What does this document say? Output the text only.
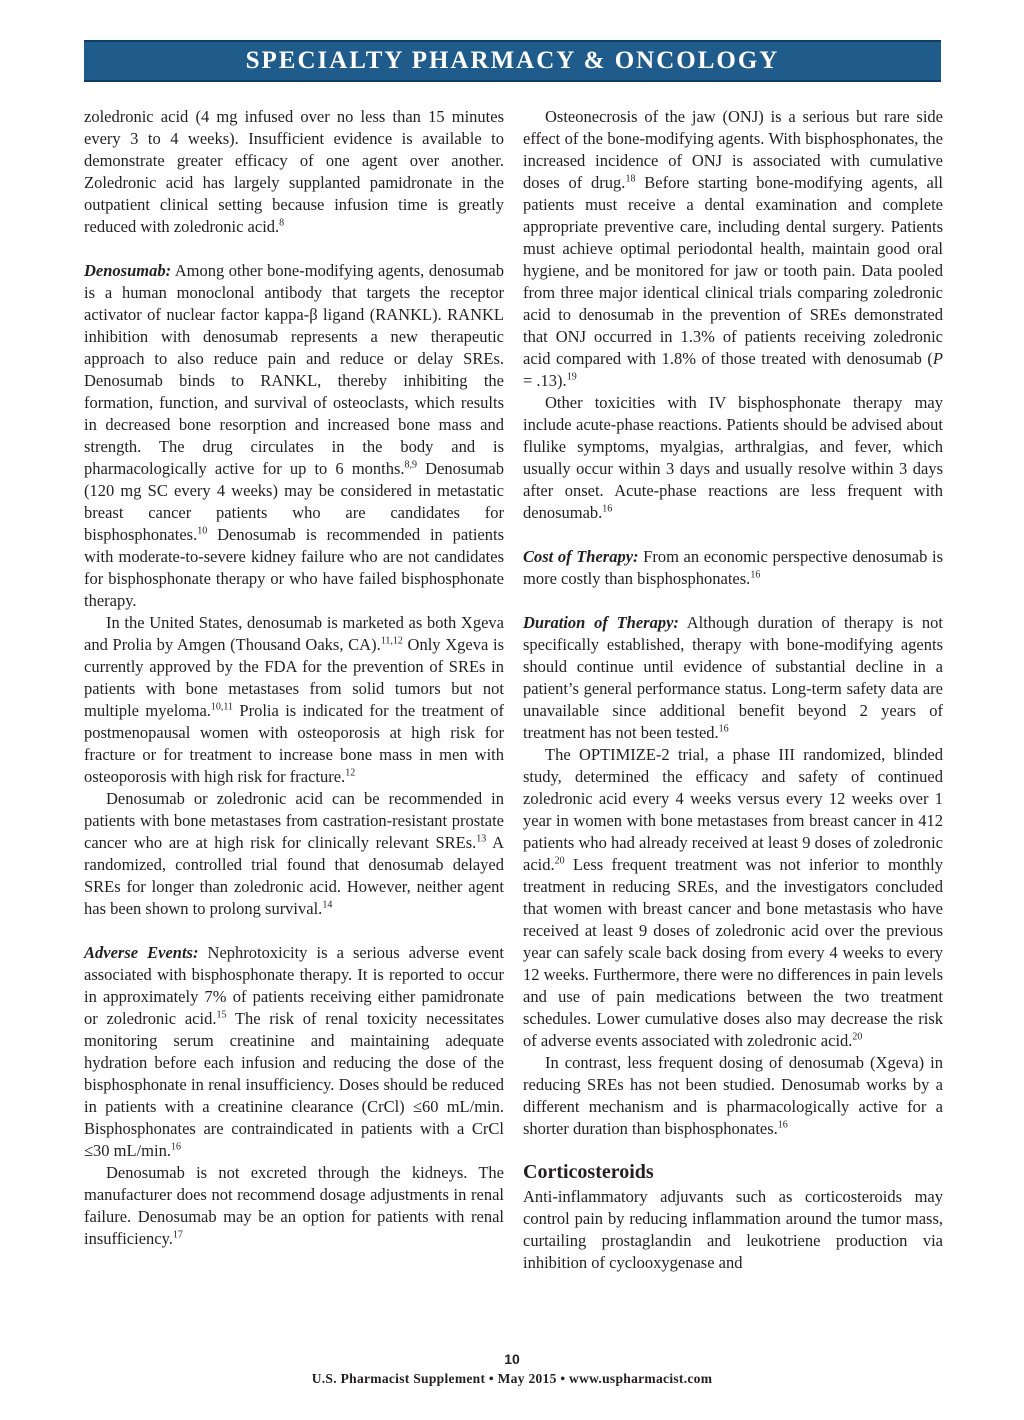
SPECIALTY PHARMACY & ONCOLOGY

zoledronic acid (4 mg infused over no less than 15 minutes every 3 to 4 weeks). Insufficient evidence is available to demonstrate greater efficacy of one agent over another. Zoledronic acid has largely supplanted pamidronate in the outpatient clinical setting because infusion time is greatly reduced with zoledronic acid.$^8$

Denosumab: Among other bone-modifying agents, denosumab is a human monoclonal antibody that targets the receptor activator of nuclear factor kappa-β ligand (RANKL). RANKL inhibition with denosumab represents a new therapeutic approach to also reduce pain and reduce or delay SREs. Denosumab binds to RANKL, thereby inhibiting the formation, function, and survival of osteoclasts, which results in decreased bone resorption and increased bone mass and strength. The drug circulates in the body and is pharmacologically active for up to 6 months.$^{8,9}$ Denosumab (120 mg SC every 4 weeks) may be considered in metastatic breast cancer patients who are candidates for bisphosphonates.$^{10}$ Denosumab is recommended in patients with moderate-to-severe kidney failure who are not candidates for bisphosphonate therapy or who have failed bisphosphonate therapy.

In the United States, denosumab is marketed as both Xgeva and Prolia by Amgen (Thousand Oaks, CA).$^{11,12}$ Only Xgeva is currently approved by the FDA for the prevention of SREs in patients with bone metastases from solid tumors but not multiple myeloma.$^{10,11}$ Prolia is indicated for the treatment of postmenopausal women with osteoporosis at high risk for fracture or for treatment to increase bone mass in men with osteoporosis with high risk for fracture.$^{12}$

Denosumab or zoledronic acid can be recommended in patients with bone metastases from castration-resistant prostate cancer who are at high risk for clinically relevant SREs.$^{13}$ A randomized, controlled trial found that denosumab delayed SREs for longer than zoledronic acid. However, neither agent has been shown to prolong survival.$^{14}$

Adverse Events: Nephrotoxicity is a serious adverse event associated with bisphosphonate therapy. It is reported to occur in approximately 7% of patients receiving either pamidronate or zoledronic acid.$^{15}$ The risk of renal toxicity necessitates monitoring serum creatinine and maintaining adequate hydration before each infusion and reducing the dose of the bisphosphonate in renal insufficiency. Doses should be reduced in patients with a creatinine clearance (CrCl) ≤60 mL/min. Bisphosphonates are contraindicated in patients with a CrCl ≤30 mL/min.$^{16}$

Denosumab is not excreted through the kidneys. The manufacturer does not recommend dosage adjustments in renal failure. Denosumab may be an option for patients with renal insufficiency.$^{17}$

Osteonecrosis of the jaw (ONJ) is a serious but rare side effect of the bone-modifying agents. With bisphosphonates, the increased incidence of ONJ is associated with cumulative doses of drug.$^{18}$ Before starting bone-modifying agents, all patients must receive a dental examination and complete appropriate preventive care, including dental surgery. Patients must achieve optimal periodontal health, maintain good oral hygiene, and be monitored for jaw or tooth pain. Data pooled from three major identical clinical trials comparing zoledronic acid to denosumab in the prevention of SREs demonstrated that ONJ occurred in 1.3% of patients receiving zoledronic acid compared with 1.8% of those treated with denosumab (P = .13).$^{19}$

Other toxicities with IV bisphosphonate therapy may include acute-phase reactions. Patients should be advised about flulike symptoms, myalgias, arthralgias, and fever, which usually occur within 3 days and usually resolve within 3 days after onset. Acute-phase reactions are less frequent with denosumab.$^{16}$

Cost of Therapy: From an economic perspective denosumab is more costly than bisphosphonates.$^{16}$

Duration of Therapy: Although duration of therapy is not specifically established, therapy with bone-modifying agents should continue until evidence of substantial decline in a patient’s general performance status. Long-term safety data are unavailable since additional benefit beyond 2 years of treatment has not been tested.$^{16}$

The OPTIMIZE-2 trial, a phase III randomized, blinded study, determined the efficacy and safety of continued zoledronic acid every 4 weeks versus every 12 weeks over 1 year in women with bone metastases from breast cancer in 412 patients who had already received at least 9 doses of zoledronic acid.$^{20}$ Less frequent treatment was not inferior to monthly treatment in reducing SREs, and the investigators concluded that women with breast cancer and bone metastasis who have received at least 9 doses of zoledronic acid over the previous year can safely scale back dosing from every 4 weeks to every 12 weeks. Furthermore, there were no differences in pain levels and use of pain medications between the two treatment schedules. Lower cumulative doses also may decrease the risk of adverse events associated with zoledronic acid.$^{20}$

In contrast, less frequent dosing of denosumab (Xgeva) in reducing SREs has not been studied. Denosumab works by a different mechanism and is pharmacologically active for a shorter duration than bisphosphonates.$^{16}$

Corticosteroids

Anti-inflammatory adjuvants such as corticosteroids may control pain by reducing inflammation around the tumor mass, curtailing prostaglandin and leukotriene production via inhibition of cyclooxygenase and

10
U.S. Pharmacist Supplement • May 2015 • www.uspharmacist.com
